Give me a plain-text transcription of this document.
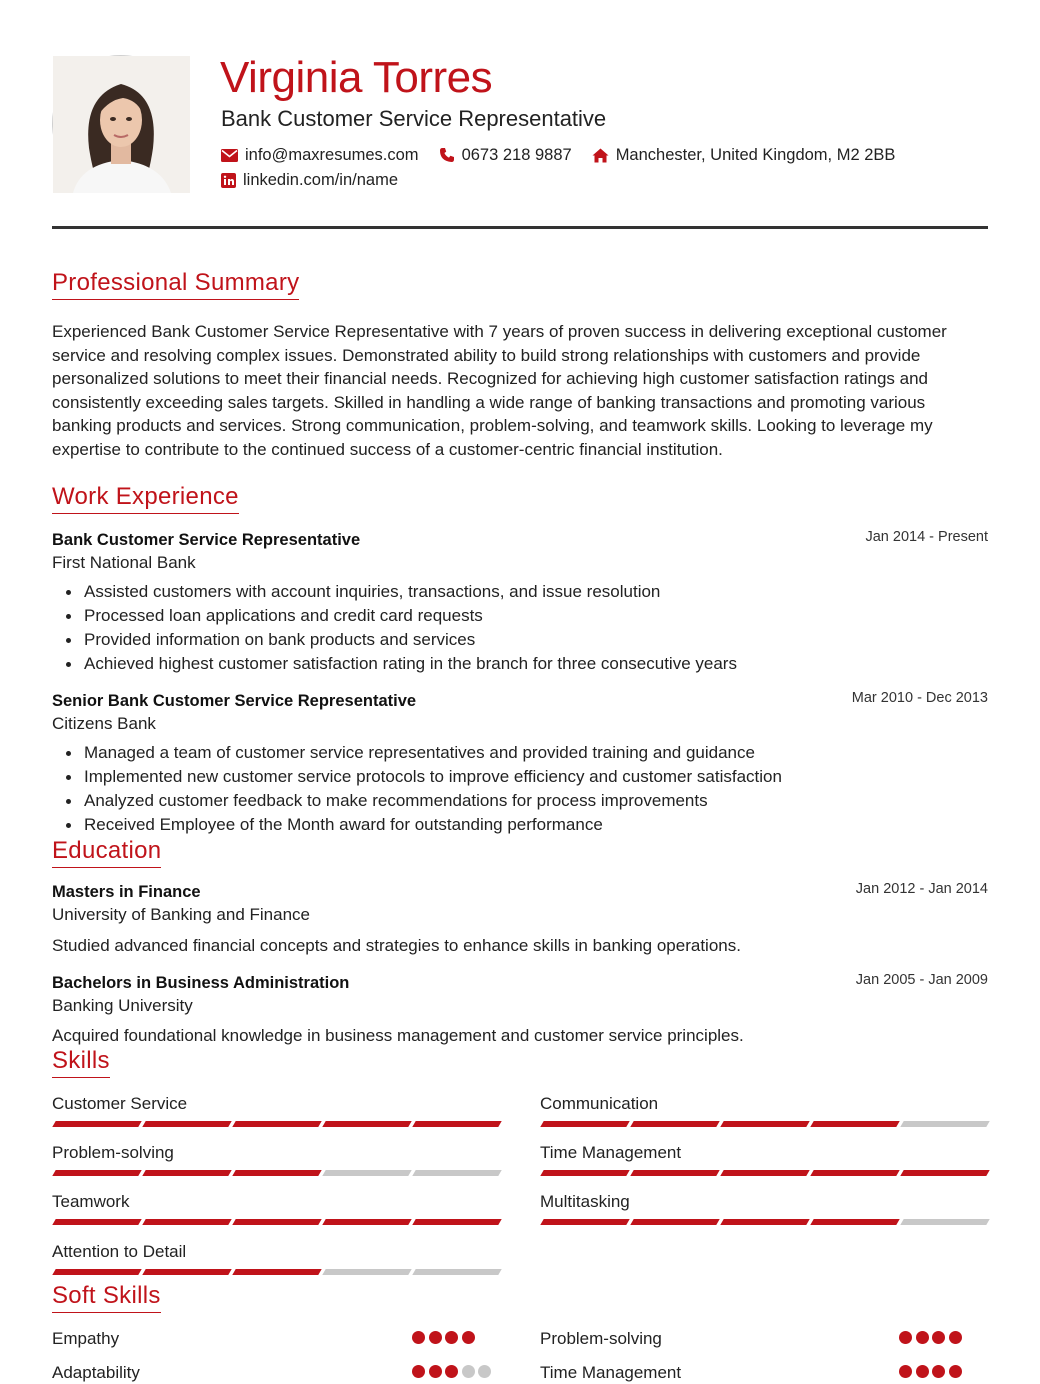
Virginia Torres
Bank Customer Service Representative
info@maxresumes.com	0673 218 9887	Manchester, United Kingdom, M2 2BB
linkedin.com/in/name
Professional Summary
Experienced Bank Customer Service Representative with 7 years of proven success in delivering exceptional customer service and resolving complex issues. Demonstrated ability to build strong relationships with customers and provide personalized solutions to meet their financial needs. Recognized for achieving high customer satisfaction ratings and consistently exceeding sales targets. Skilled in handling a wide range of banking transactions and promoting various banking products and services. Strong communication, problem-solving, and teamwork skills. Looking to leverage my expertise to contribute to the continued success of a customer-centric financial institution.
Work Experience
Bank Customer Service Representative	Jan 2014 - Present
First National Bank
Assisted customers with account inquiries, transactions, and issue resolution
Processed loan applications and credit card requests
Provided information on bank products and services
Achieved highest customer satisfaction rating in the branch for three consecutive years
Senior Bank Customer Service Representative	Mar 2010 - Dec 2013
Citizens Bank
Managed a team of customer service representatives and provided training and guidance
Implemented new customer service protocols to improve efficiency and customer satisfaction
Analyzed customer feedback to make recommendations for process improvements
Received Employee of the Month award for outstanding performance
Education
Masters in Finance	Jan 2012 - Jan 2014
University of Banking and Finance
Studied advanced financial concepts and strategies to enhance skills in banking operations.
Bachelors in Business Administration	Jan 2005 - Jan 2009
Banking University
Acquired foundational knowledge in business management and customer service principles.
Skills
Customer Service	Communication
Problem-solving	Time Management
Teamwork	Multitasking
Attention to Detail
Soft Skills
Empathy	Problem-solving
Adaptability	Time Management
